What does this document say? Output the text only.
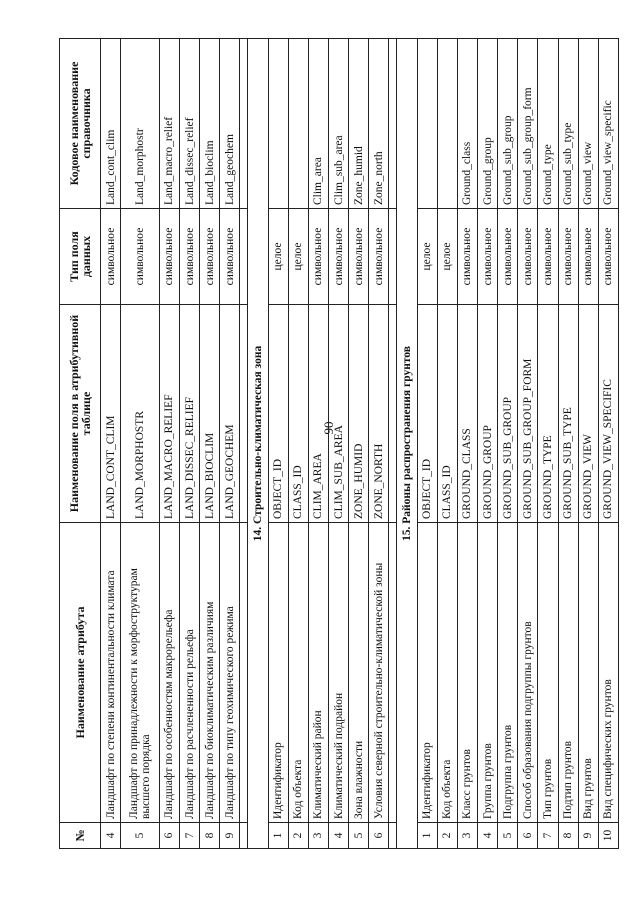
90
№	Наименование атрибута	Наименование поля в атрибутивной таблице	Тип поля данных	Кодовое наименование справочника
4	Ландшафт по степени континентальности климата	LAND_CONT_CLIM	символьное	Land_cont_clim
5	Ландшафт по принадлежности к морфоструктурам высшего порядка	LAND_MORPHOSTR	символьное	Land_morphostr
6	Ландшафт по особенностям макрорельефа	LAND_MACRO_RELIEF	символьное	Land_macro_relief
7	Ландшафт по расчлененности рельефа	LAND_DISSEC_RELIEF	символьное	Land_dissec_relief
8	Ландшафт по биоклиматическим различиям	LAND_BIOCLIM	символьное	Land_bioclim
9	Ландшафт по типу геохимического режима	LAND_GEOCHEM	символьное	Land_geochem

14. Строительно-климатическая зона				
1	Идентификатор	OBJECT_ID	целое	
2	Код объекта	CLASS_ID	целое	
3	Климатический район	CLIM_AREA	символьное	Clim_area
4	Климатический подрайон	CLIM_SUB_AREA	символьное	Clim_sub_area
5	Зона влажности	ZONE_HUMID	символьное	Zone_humid
6	Условия северной строительно-климатической зоны	ZONE_NORTH	символьное	Zone_north

15. Районы распространения грунтов				
1	Идентификатор	OBJECT_ID	целое	
2	Код объекта	CLASS_ID	целое	
3	Класс грунтов	GROUND_CLASS	символьное	Ground_class
4	Группа грунтов	GROUND_GROUP	символьное	Ground_group
5	Подгруппа грунтов	GROUND_SUB_GROUP	символьное	Ground_sub_group
6	Способ образования подгруппы грунтов	GROUND_SUB_GROUP_FORM	символьное	Ground_sub_group_form
7	Тип грунтов	GROUND_TYPE	символьное	Ground_type
8	Подтип грунтов	GROUND_SUB_TYPE	символьное	Ground_sub_type
9	Вид грунтов	GROUND_VIEW	символьное	Ground_view
10	Вид специфических грунтов	GROUND_VIEW_SPECIFIC	символьное	Ground_view_specific
